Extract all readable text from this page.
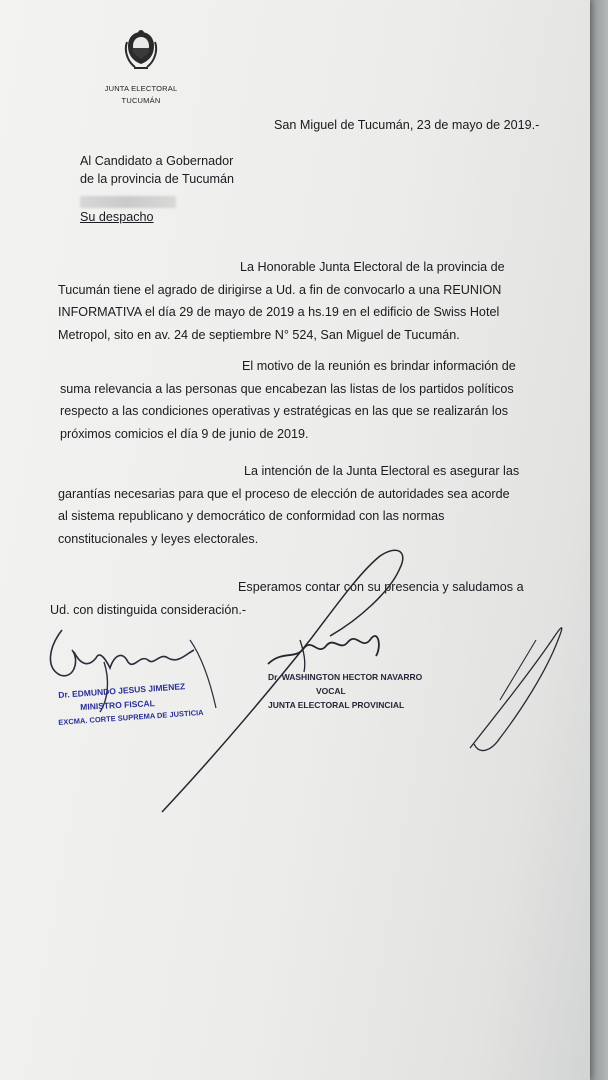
JUNTA ELECTORAL
TUCUMÁN
San Miguel de Tucumán, 23 de mayo de 2019.-
Al Candidato a Gobernador
de la provincia de Tucumán
Su despacho
La Honorable Junta Electoral de la provincia de
Tucumán tiene el agrado de dirigirse a Ud. a fin de convocarlo a una REUNION
INFORMATIVA el día 29 de mayo de 2019 a hs.19 en el edificio de Swiss Hotel
Metropol, sito en av. 24 de septiembre N° 524, San Miguel de Tucumán.
El motivo de la reunión es brindar información de
suma relevancia a las personas que encabezan las listas de los partidos políticos
respecto a las condiciones operativas y estratégicas en las que se realizarán los
próximos comicios el día 9 de junio de 2019.
La intención de la Junta Electoral es asegurar las
garantías necesarias para que el proceso de elección de autoridades sea acorde
al sistema republicano y democrático de conformidad con las normas
constitucionales y leyes electorales.
Esperamos contar con su presencia y saludamos a
Ud. con distinguida consideración.-
Dr. EDMUNDO JESUS JIMENEZ
MINISTRO FISCAL
EXCMA. CORTE SUPREMA DE JUSTICIA
Dr. WASHINGTON HECTOR NAVARRO
VOCAL
JUNTA ELECTORAL PROVINCIAL
